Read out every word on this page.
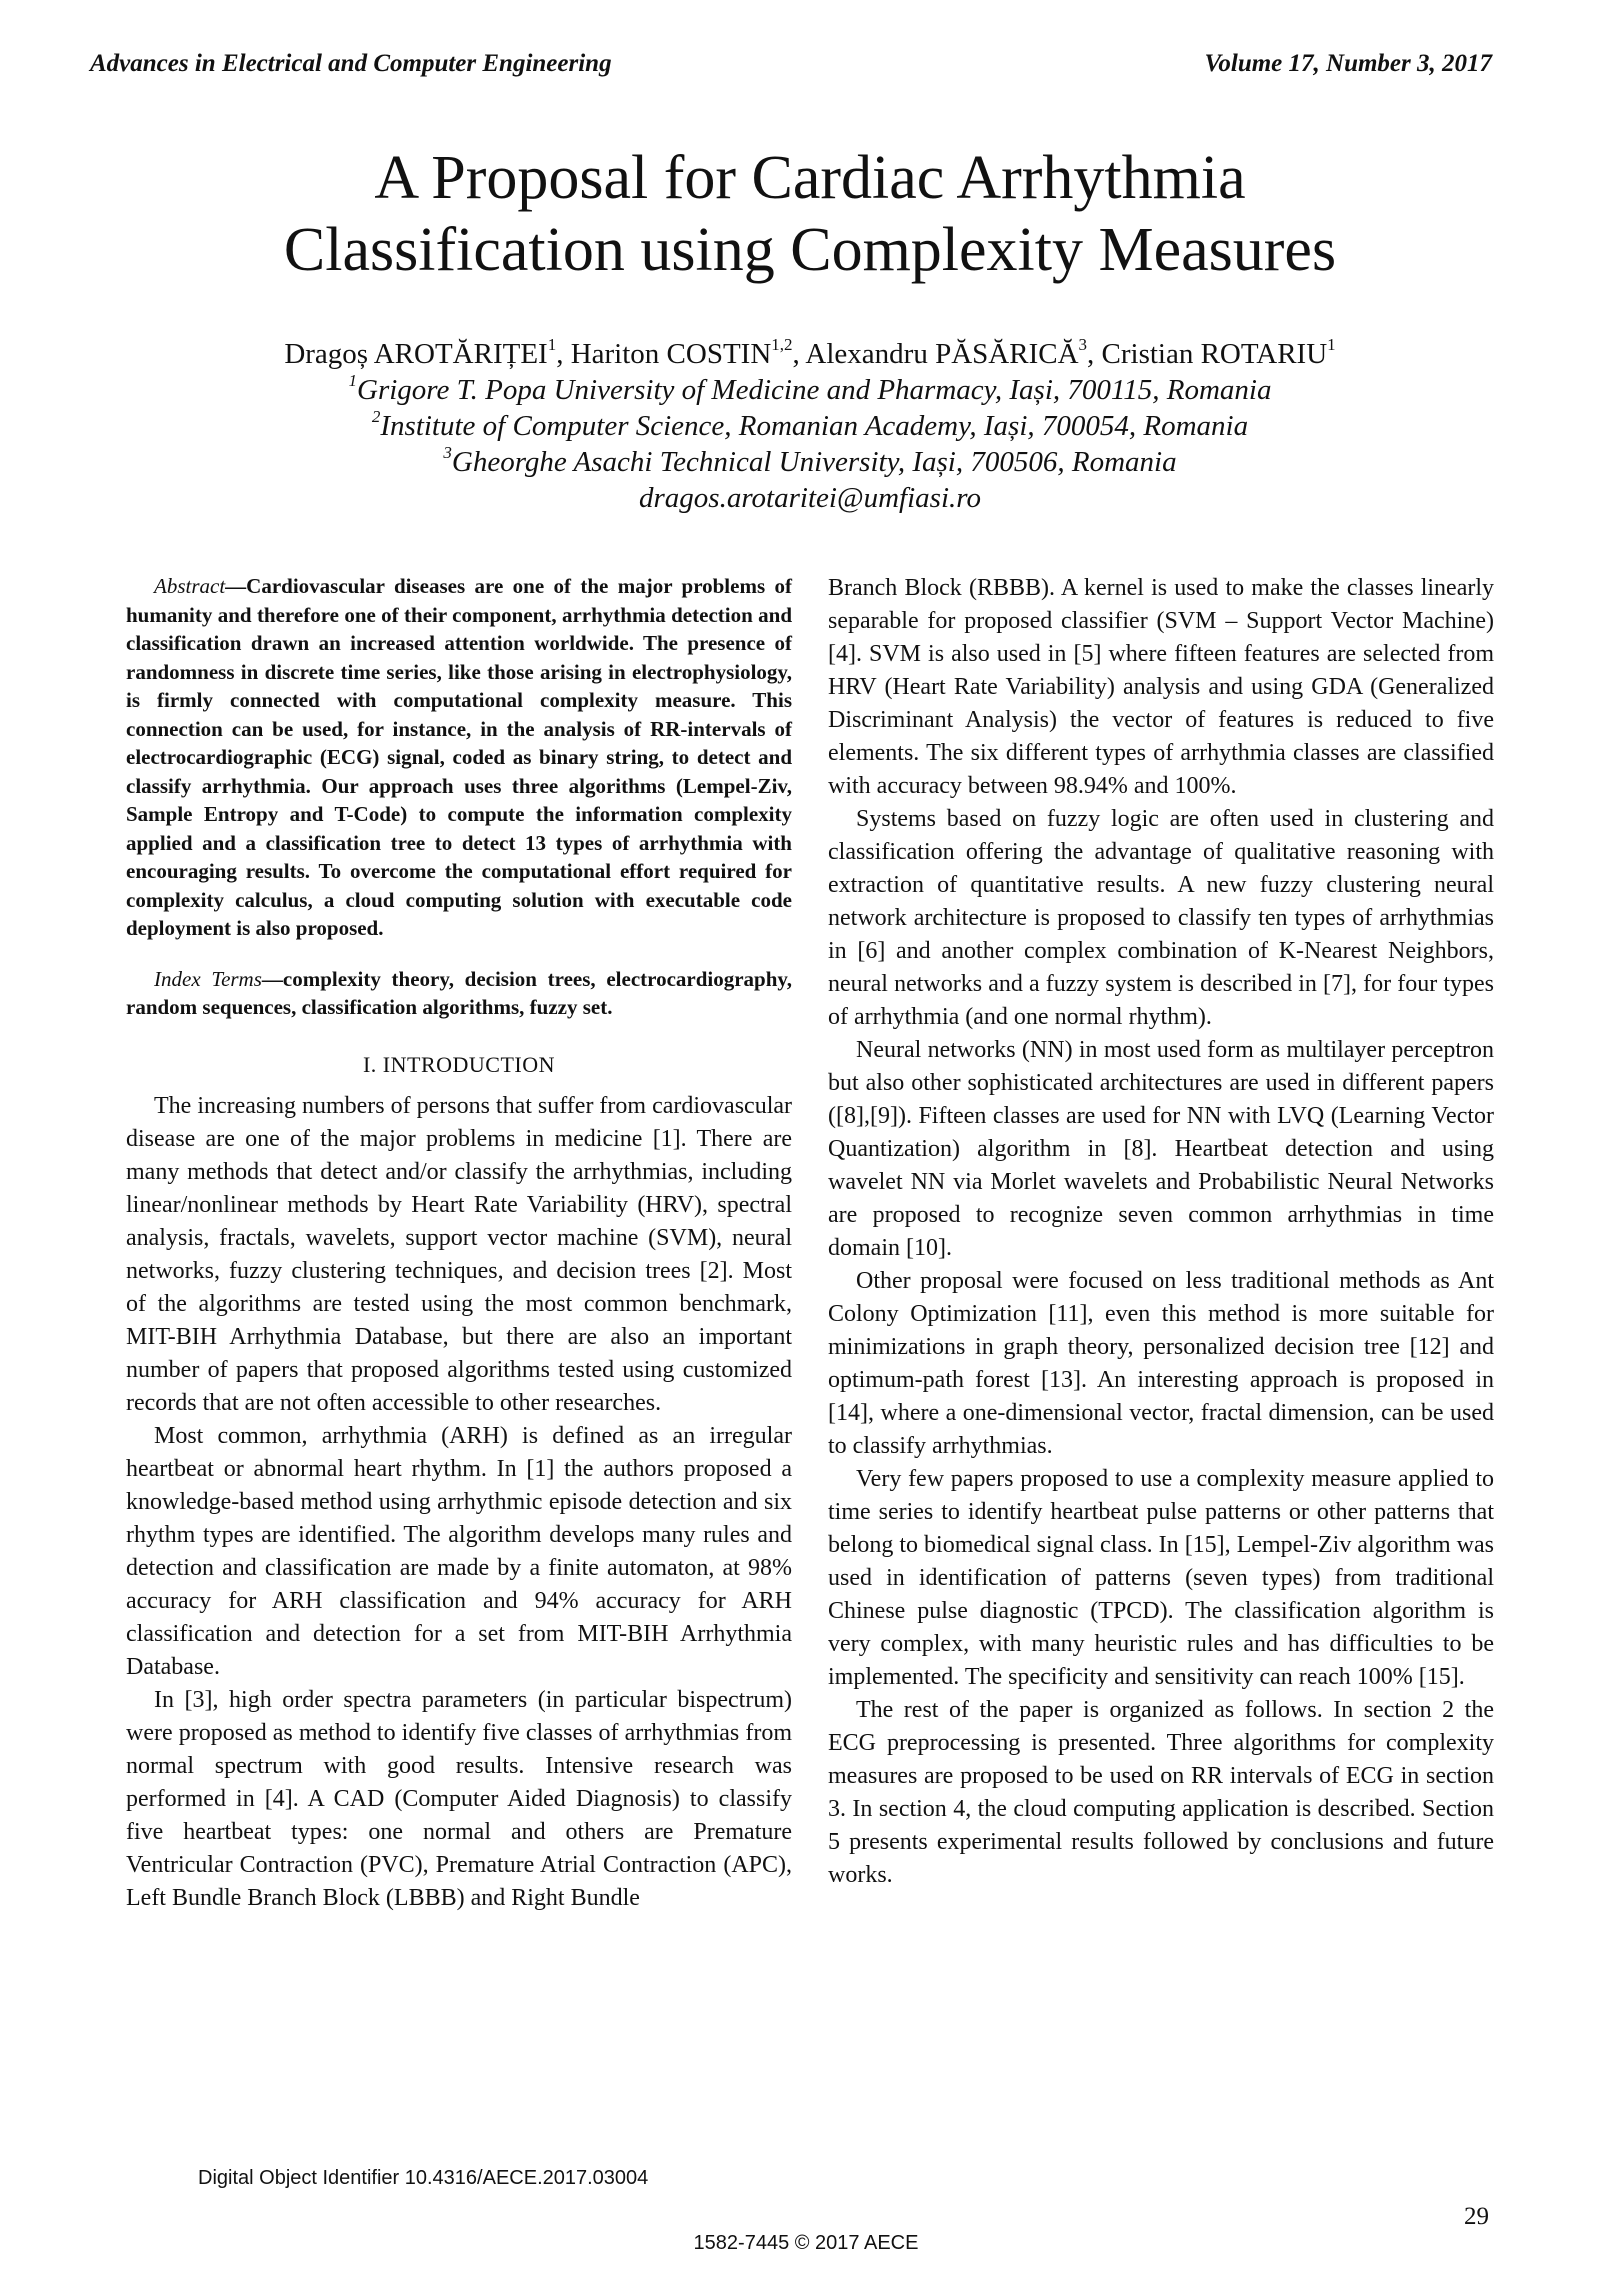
Advances in Electrical and Computer Engineering	Volume 17, Number 3, 2017
A Proposal for Cardiac Arrhythmia
Classification using Complexity Measures
Dragoș AROTĂRIȚEI$^1$, Hariton COSTIN$^{1,2}$, Alexandru PĂSĂRICĂ$^3$, Cristian ROTARIU$^1$
$^1$Grigore T. Popa University of Medicine and Pharmacy, Iași, 700115, Romania
$^2$Institute of Computer Science, Romanian Academy, Iași, 700054, Romania
$^3$Gheorghe Asachi Technical University, Iași, 700506, Romania
dragos.arotaritei@umfiasi.ro

Abstract—Cardiovascular diseases are one of the major problems of humanity and therefore one of their component, arrhythmia detection and classification drawn an increased attention worldwide. The presence of randomness in discrete time series, like those arising in electrophysiology, is firmly connected with computational complexity measure. This connection can be used, for instance, in the analysis of RR-intervals of electrocardiographic (ECG) signal, coded as binary string, to detect and classify arrhythmia. Our approach uses three algorithms (Lempel-Ziv, Sample Entropy and T-Code) to compute the information complexity applied and a classification tree to detect 13 types of arrhythmia with encouraging results. To overcome the computational effort required for complexity calculus, a cloud computing solution with executable code deployment is also proposed.

Index Terms—complexity theory, decision trees, electrocardiography, random sequences, classification algorithms, fuzzy set.

I. INTRODUCTION

The increasing numbers of persons that suffer from cardiovascular disease are one of the major problems in medicine [1]. There are many methods that detect and/or classify the arrhythmias, including linear/nonlinear methods by Heart Rate Variability (HRV), spectral analysis, fractals, wavelets, support vector machine (SVM), neural networks, fuzzy clustering techniques, and decision trees [2]. Most of the algorithms are tested using the most common benchmark, MIT-BIH Arrhythmia Database, but there are also an important number of papers that proposed algorithms tested using customized records that are not often accessible to other researches.

Most common, arrhythmia (ARH) is defined as an irregular heartbeat or abnormal heart rhythm. In [1] the authors proposed a knowledge-based method using arrhythmic episode detection and six rhythm types are identified. The algorithm develops many rules and detection and classification are made by a finite automaton, at 98% accuracy for ARH classification and 94% accuracy for ARH classification and detection for a set from MIT-BIH Arrhythmia Database.

In [3], high order spectra parameters (in particular bispectrum) were proposed as method to identify five classes of arrhythmias from normal spectrum with good results. Intensive research was performed in [4]. A CAD (Computer Aided Diagnosis) to classify five heartbeat types: one normal and others are Premature Ventricular Contraction (PVC), Premature Atrial Contraction (APC), Left Bundle Branch Block (LBBB) and Right Bundle

Branch Block (RBBB). A kernel is used to make the classes linearly separable for proposed classifier (SVM – Support Vector Machine) [4]. SVM is also used in [5] where fifteen features are selected from HRV (Heart Rate Variability) analysis and using GDA (Generalized Discriminant Analysis) the vector of features is reduced to five elements. The six different types of arrhythmia classes are classified with accuracy between 98.94% and 100%.

Systems based on fuzzy logic are often used in clustering and classification offering the advantage of qualitative reasoning with extraction of quantitative results. A new fuzzy clustering neural network architecture is proposed to classify ten types of arrhythmias in [6] and another complex combination of K-Nearest Neighbors, neural networks and a fuzzy system is described in [7], for four types of arrhythmia (and one normal rhythm).

Neural networks (NN) in most used form as multilayer perceptron but also other sophisticated architectures are used in different papers ([8],[9]). Fifteen classes are used for NN with LVQ (Learning Vector Quantization) algorithm in [8]. Heartbeat detection and using wavelet NN via Morlet wavelets and Probabilistic Neural Networks are proposed to recognize seven common arrhythmias in time domain [10].

Other proposal were focused on less traditional methods as Ant Colony Optimization [11], even this method is more suitable for minimizations in graph theory, personalized decision tree [12] and optimum-path forest [13]. An interesting approach is proposed in [14], where a one-dimensional vector, fractal dimension, can be used to classify arrhythmias.

Very few papers proposed to use a complexity measure applied to time series to identify heartbeat pulse patterns or other patterns that belong to biomedical signal class. In [15], Lempel-Ziv algorithm was used in identification of patterns (seven types) from traditional Chinese pulse diagnostic (TPCD). The classification algorithm is very complex, with many heuristic rules and has difficulties to be implemented. The specificity and sensitivity can reach 100% [15].

The rest of the paper is organized as follows. In section 2 the ECG preprocessing is presented. Three algorithms for complexity measures are proposed to be used on RR intervals of ECG in section 3. In section 4, the cloud computing application is described. Section 5 presents experimental results followed by conclusions and future works.

Digital Object Identifier 10.4316/AECE.2017.03004
29
1582-7445 © 2017 AECE
